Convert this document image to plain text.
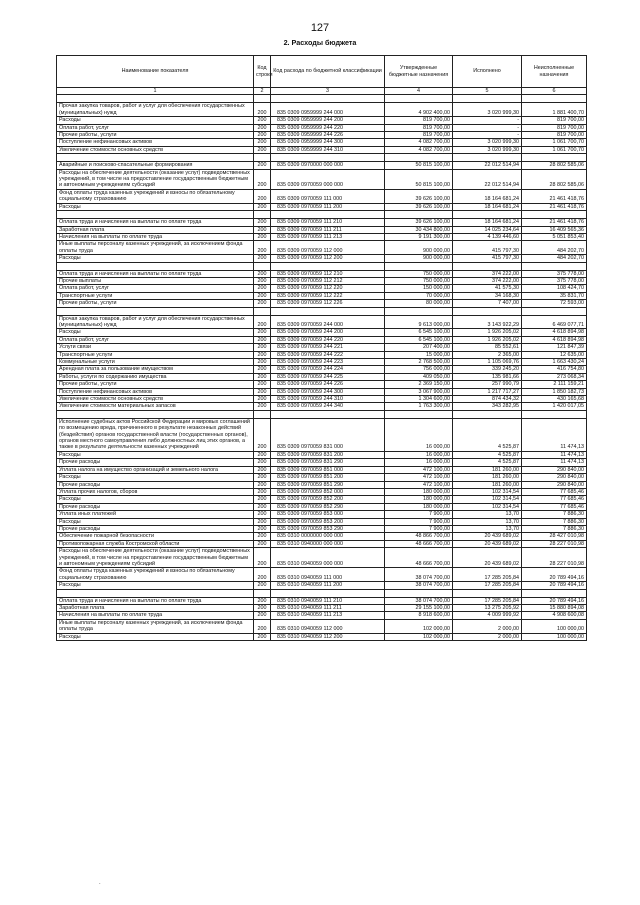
127
2. Расходы бюджета
Наименование показателя	Код строки	Код расхода по бюджетной классификации	Утвержденные бюджетные назначения	Исполнено	Неисполненные назначения
1	2	3	4	5	6

Прочая закупка товаров, работ и услуг для обеспечения государственных (муниципальных) нужд	200	835 0309 0959999 244 000	4 902 400,00	3 020 999,30	1 881 400,70
Расходы	200	835 0309 0959999 244 200	819 700,00	-	819 700,00
Оплата работ, услуг	200	835 0309 0959999 244 220	819 700,00	-	819 700,00
Прочие работы, услуги	200	835 0309 0959999 244 226	819 700,00	-	819 700,00
Поступление нефинансовых активов	200	835 0309 0959999 244 300	4 082 700,00	3 020 999,30	1 061 700,70
Увеличение стоимости основных средств	200	835 0309 0959999 244 310	4 082 700,00	3 020 999,30	1 061 700,70

Аварийные и поисково-спасательные формирования	200	835 0309 0970000 000 000	50 815 100,00	22 012 514,94	28 802 585,06
Расходы на обеспечение деятельности (оказание услуг) подведомственных учреждений, в том числе на предоставление государственным бюджетным и автономным учреждениям субсидий	200	835 0309 0970059 000 000	50 815 100,00	22 012 514,94	28 802 585,06
Фонд оплаты труда казенных учреждений и взносы по обязательному социальному страхованию	200	835 0309 0970059 111 000	39 626 100,00	18 164 681,24	21 461 418,76
Расходы	200	835 0309 0970059 111 200	39 626 100,00	18 164 681,24	21 461 418,76

Оплата труда и начисления на выплаты по оплате труда	200	835 0309 0970059 111 210	39 626 100,00	18 164 681,24	21 461 418,76
Заработная плата	200	835 0309 0970059 111 211	30 434 800,00	14 025 234,64	16 409 565,36
Начисления на выплаты по оплате труда	200	835 0309 0970059 111 213	9 191 300,00	4 139 446,60	5 051 853,40
Иные выплаты персоналу казенных учреждений, за исключением фонда оплаты труда	200	835 0309 0970059 112 000	900 000,00	415 797,30	484 202,70
Расходы	200	835 0309 0970059 112 200	900 000,00	415 797,30	484 202,70

Оплата труда и начисления на выплаты по оплате труда	200	835 0309 0970059 112 210	750 000,00	374 222,00	375 778,00
Прочие выплаты	200	835 0309 0970059 112 212	750 000,00	374 222,00	375 778,00
Оплата работ, услуг	200	835 0309 0970059 112 220	150 000,00	41 575,30	108 424,70
Транспортные услуги	200	835 0309 0970059 112 222	70 000,00	34 168,30	35 831,70
Прочие работы, услуги	200	835 0309 0970059 112 226	80 000,00	7 407,00	72 593,00

Прочая закупка товаров, работ и услуг для обеспечения государственных (муниципальных) нужд	200	835 0309 0970059 244 000	9 613 000,00	3 143 922,29	6 469 077,71
Расходы	200	835 0309 0970059 244 200	6 545 100,00	1 926 205,02	4 618 894,98
Оплата работ, услуг	200	835 0309 0970059 244 220	6 545 100,00	1 926 205,02	4 618 894,98
Услуги связи	200	835 0309 0970059 244 221	207 400,00	85 552,61	121 847,39
Транспортные услуги	200	835 0309 0970059 244 222	15 000,00	2 365,00	12 635,00
Коммунальные услуги	200	835 0309 0970059 244 223	2 768 500,00	1 105 069,76	1 663 430,24
Арендная плата за пользование имуществом	200	835 0309 0970059 244 224	756 000,00	339 245,20	416 754,80
Работы, услуги по содержанию имущества	200	835 0309 0970059 244 225	409 050,00	135 981,66	273 068,34
Прочие работы, услуги	200	835 0309 0970059 244 226	2 369 150,00	257 990,79	2 111 159,21
Поступление нефинансовых активов	200	835 0309 0970059 244 300	3 067 900,00	1 217 717,27	1 850 182,73
Увеличение стоимости основных средств	200	835 0309 0970059 244 310	1 304 600,00	874 434,32	430 165,68
Увеличение стоимости материальных запасов	200	835 0309 0970059 244 340	1 763 300,00	343 282,95	1 420 017,05

Исполнение судебных актов Российской Федерации и мировых соглашений по возмещению вреда, причиненного в результате незаконных действий (бездействия) органов государственной власти (государственных органов), органов местного самоуправления либо должностных лиц этих органов, а также в результате деятельности казенных учреждений	200	835 0309 0970059 831 000	16 000,00	4 525,87	11 474,13
Расходы	200	835 0309 0970059 831 200	16 000,00	4 525,87	11 474,13
Прочие расходы	200	835 0309 0970059 831 290	16 000,00	4 525,87	11 474,13
Уплата налога на имущество организаций и земельного налога	200	835 0309 0970059 851 000	472 100,00	181 260,00	290 840,00
Расходы	200	835 0309 0970059 851 200	472 100,00	181 260,00	290 840,00
Прочие расходы	200	835 0309 0970059 851 290	472 100,00	181 260,00	290 840,00
Уплата прочих налогов, сборов	200	835 0309 0970059 852 000	180 000,00	102 314,54	77 685,46
Расходы	200	835 0309 0970059 852 200	180 000,00	102 314,54	77 685,46
Прочие расходы	200	835 0309 0970059 852 290	180 000,00	102 314,54	77 685,46
Уплата иных платежей	200	835 0309 0970059 853 000	7 900,00	13,70	7 886,30
Расходы	200	835 0309 0970059 853 200	7 900,00	13,70	7 886,30
Прочие расходы	200	835 0309 0970059 853 290	7 900,00	13,70	7 886,30
Обеспечение пожарной безопасности	200	835 0310 0000000 000 000	48 866 700,00	20 439 689,02	28 427 010,98
Противопожарная служба Костромской области	200	835 0310 0940000 000 000	48 666 700,00	20 439 689,02	28 227 010,98
Расходы на обеспечение деятельности (оказание услуг) подведомственных учреждений, в том числе на предоставление государственным бюджетным и автономным учреждениям субсидий	200	835 0310 0940059 000 000	48 666 700,00	20 439 689,02	28 227 010,98
Фонд оплаты труда казенных учреждений и взносы по обязательному социальному страхованию	200	835 0310 0940059 111 000	38 074 700,00	17 285 205,84	20 789 494,16
Расходы	200	835 0310 0940059 111 200	38 074 700,00	17 285 205,84	20 789 494,16

Оплата труда и начисления на выплаты по оплате труда	200	835 0310 0940059 111 210	38 074 700,00	17 285 205,84	20 789 494,16
Заработная плата	200	835 0310 0940059 111 211	29 155 100,00	13 275 205,92	15 880 894,08
Начисления на выплаты по оплате труда	200	835 0310 0940059 111 213	8 918 600,00	4 009 999,92	4 908 600,08
Иные выплаты персоналу казенных учреждений, за исключением фонда оплаты труда	200	835 0310 0940059 112 000	102 000,00	2 000,00	100 000,00
Расходы	200	835 0310 0940059 112 200	102 000,00	2 000,00	100 000,00
.
